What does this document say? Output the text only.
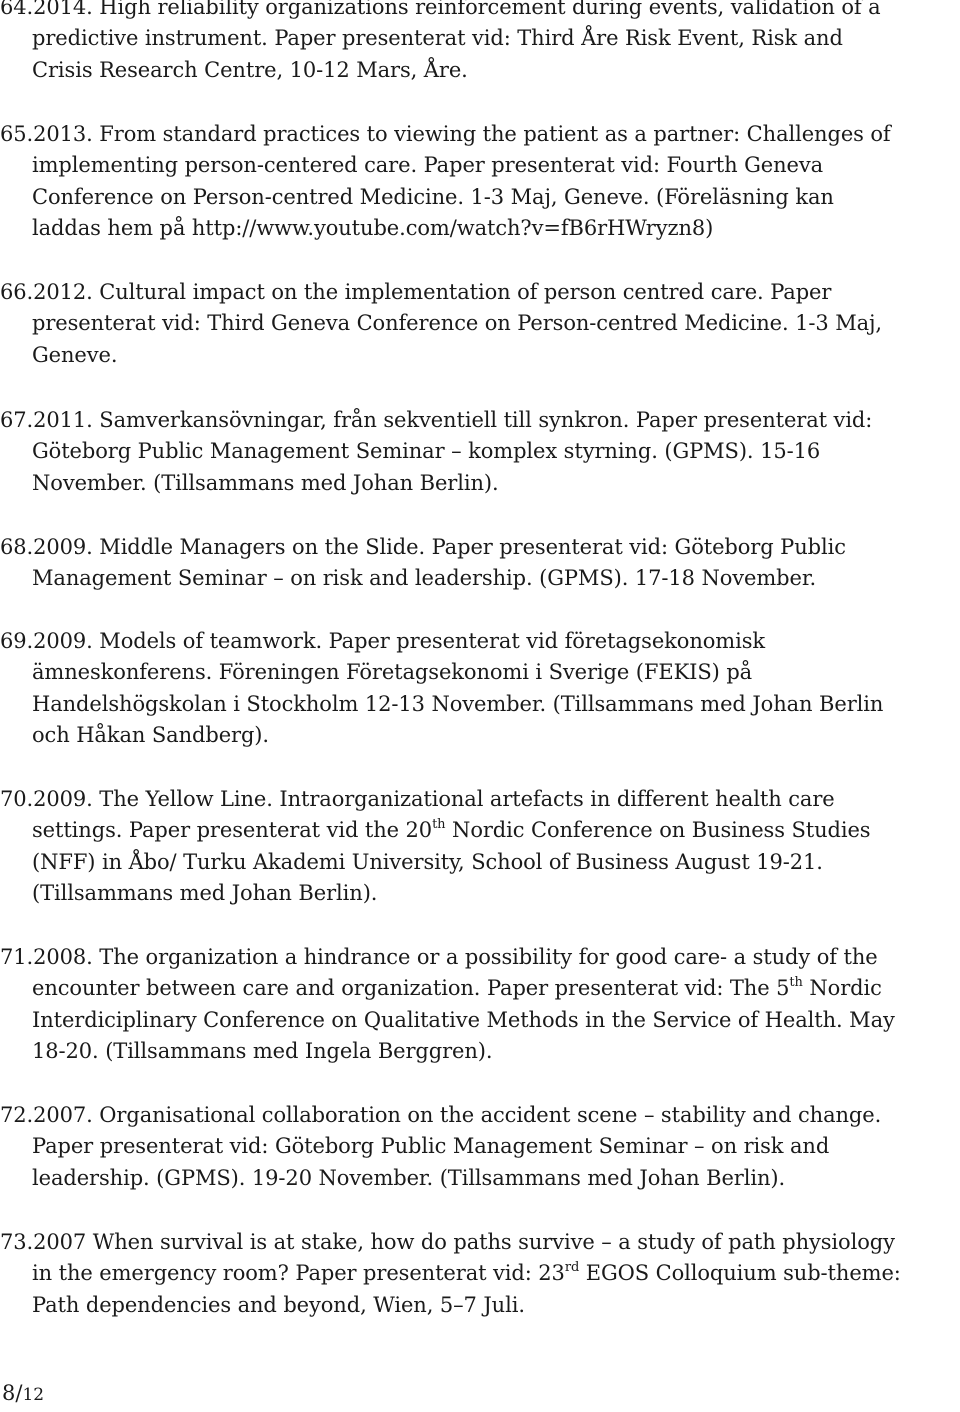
64.2014. High reliability organizations reinforcement during events, validation of a
predictive instrument. Paper presenterat vid: Third Åre Risk Event, Risk and
Crisis Research Centre, 10-12 Mars, Åre.
65.2013. From standard practices to viewing the patient as a partner: Challenges of
implementing person-centered care. Paper presenterat vid: Fourth Geneva
Conference on Person-centred Medicine. 1-3 Maj, Geneve. (Föreläsning kan
laddas hem på http://www.youtube.com/watch?v=fB6rHWryzn8)
66.2012. Cultural impact on the implementation of person centred care. Paper
presenterat vid: Third Geneva Conference on Person-centred Medicine. 1-3 Maj,
Geneve.
67.2011. Samverkansövningar, från sekventiell till synkron. Paper presenterat vid:
Göteborg Public Management Seminar – komplex styrning. (GPMS). 15-16
November. (Tillsammans med Johan Berlin).
68.2009. Middle Managers on the Slide. Paper presenterat vid: Göteborg Public
Management Seminar – on risk and leadership. (GPMS). 17-18 November.
69.2009. Models of teamwork. Paper presenterat vid företagsekonomisk
ämneskonferens. Föreningen Företagsekonomi i Sverige (FEKIS) på
Handelshögskolan i Stockholm 12-13 November. (Tillsammans med Johan Berlin
och Håkan Sandberg).
70.2009. The Yellow Line. Intraorganizational artefacts in different health care
settings. Paper presenterat vid the 20th Nordic Conference on Business Studies
(NFF) in Åbo/ Turku Akademi University, School of Business August 19-21.
(Tillsammans med Johan Berlin).
71.2008. The organization a hindrance or a possibility for good care- a study of the
encounter between care and organization. Paper presenterat vid: The 5th Nordic
Interdiciplinary Conference on Qualitative Methods in the Service of Health. May
18-20. (Tillsammans med Ingela Berggren).
72.2007. Organisational collaboration on the accident scene – stability and change.
Paper presenterat vid: Göteborg Public Management Seminar – on risk and
leadership. (GPMS). 19-20 November. (Tillsammans med Johan Berlin).
73.2007 When survival is at stake, how do paths survive – a study of path physiology
in the emergency room? Paper presenterat vid: 23rd EGOS Colloquium sub-theme:
Path dependencies and beyond, Wien, 5–7 Juli.
8/12
